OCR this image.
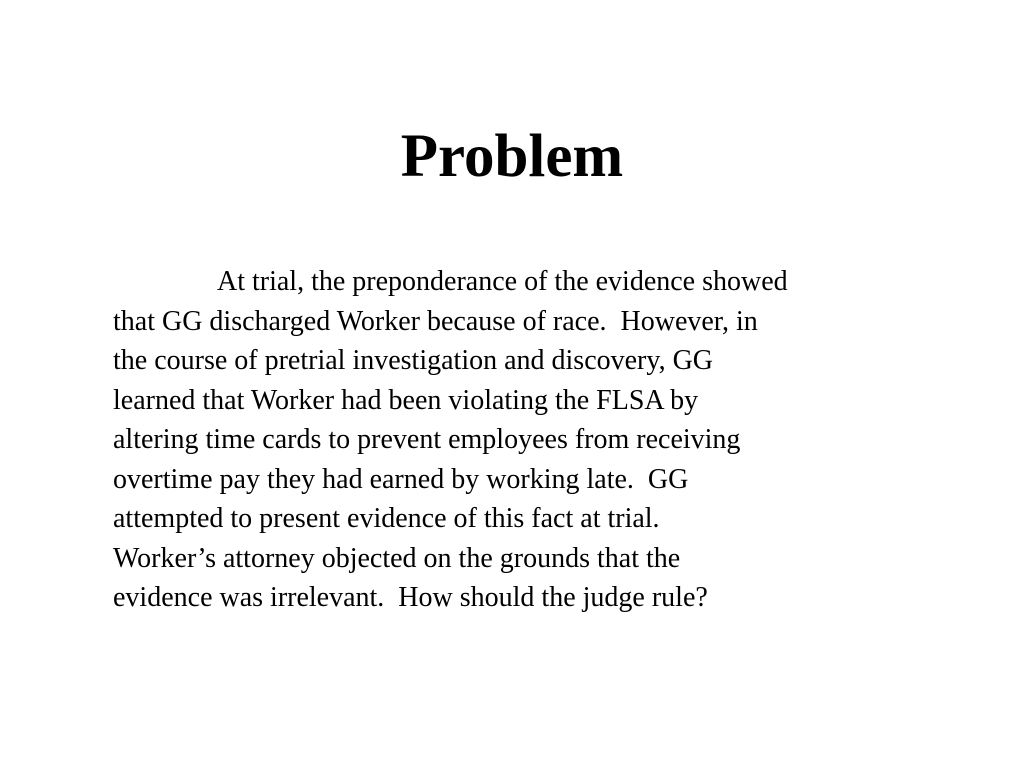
Problem
At trial, the preponderance of the evidence showed
that GG discharged Worker because of race.  However, in
the course of pretrial investigation and discovery, GG
learned that Worker had been violating the FLSA by
altering time cards to prevent employees from receiving
overtime pay they had earned by working late.  GG
attempted to present evidence of this fact at trial.
Worker’s attorney objected on the grounds that the
evidence was irrelevant.  How should the judge rule?
